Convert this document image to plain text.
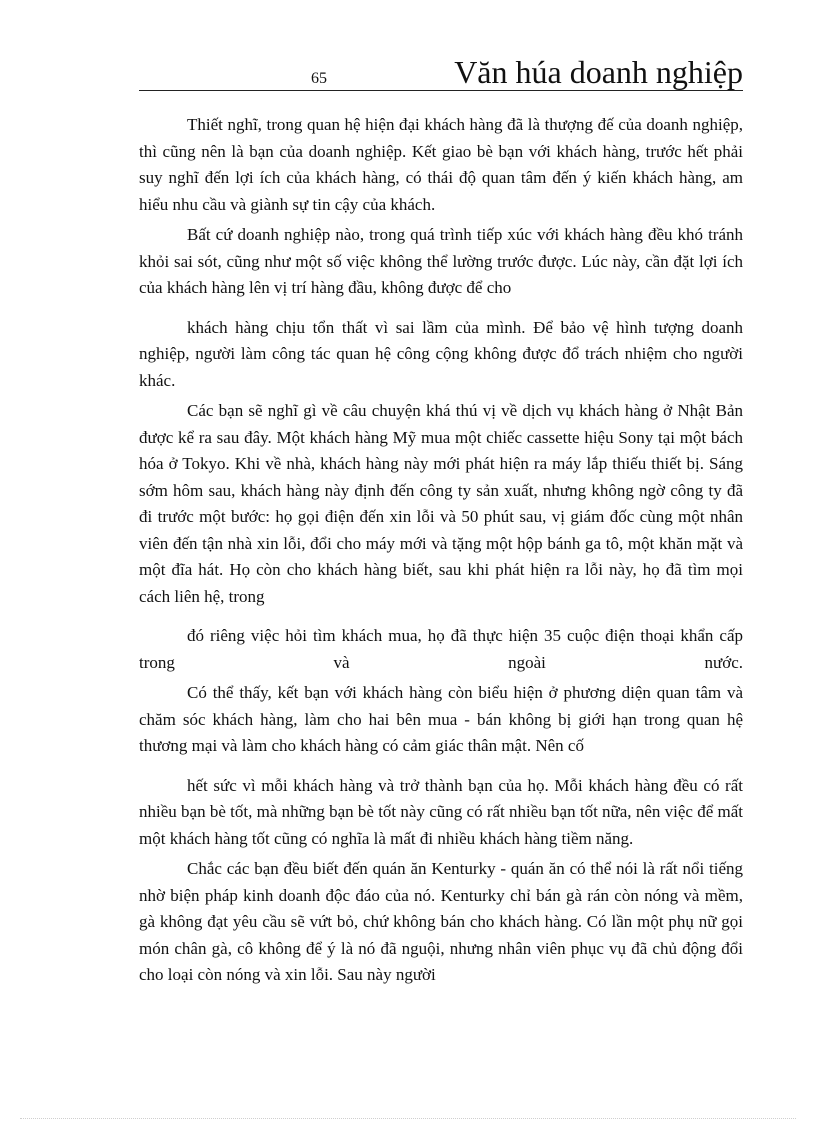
65	Văn húa doanh nghiệp

Thiết nghĩ, trong quan hệ hiện đại khách hàng đã là thượng đế của doanh nghiệp, thì cũng nên là bạn của doanh nghiệp. Kết giao bè bạn với khách hàng, trước hết phải suy nghĩ đến lợi ích của khách hàng, có thái độ quan tâm đến ý kiến khách hàng, am hiểu nhu cầu và giành sự tin cậy của khách.

Bất cứ doanh nghiệp nào, trong quá trình tiếp xúc với khách hàng đều khó tránh khỏi sai sót, cũng như một số việc không thể lường trước được. Lúc này, cần đặt lợi ích của khách hàng lên vị trí hàng đầu, không được để cho

khách hàng chịu tổn thất vì sai lầm của mình. Để bảo vệ hình tượng doanh nghiệp, người làm công tác quan hệ công cộng không được đổ trách nhiệm cho người khác.

Các bạn sẽ nghĩ gì về câu chuyện khá thú vị về dịch vụ khách hàng ở Nhật Bản được kể ra sau đây. Một khách hàng Mỹ mua một chiếc cassette hiệu Sony tại một bách hóa ở Tokyo. Khi về nhà, khách hàng này mới phát hiện ra máy lắp thiếu thiết bị. Sáng sớm hôm sau, khách hàng này định đến công ty sản xuất, nhưng không ngờ công ty đã đi trước một bước: họ gọi điện đến xin lỗi và 50 phút sau, vị giám đốc cùng một nhân viên đến tận nhà xin lỗi, đổi cho máy mới và tặng một hộp bánh ga tô, một khăn mặt và một đĩa hát. Họ còn cho khách hàng biết, sau khi phát hiện ra lỗi này, họ đã tìm mọi cách liên hệ, trong

đó riêng việc hỏi tìm khách mua, họ đã thực hiện 35 cuộc điện thoại khẩn cấp trong và ngoài nước.

Có thể thấy, kết bạn với khách hàng còn biểu hiện ở phương diện quan tâm và chăm sóc khách hàng, làm cho hai bên mua - bán không bị giới hạn trong quan hệ thương mại và làm cho khách hàng có cảm giác thân mật. Nên cố

hết sức vì mỗi khách hàng và trở thành bạn của họ. Mỗi khách hàng đều có rất nhiều bạn bè tốt, mà những bạn bè tốt này cũng có rất nhiều bạn tốt nữa, nên việc để mất một khách hàng tốt cũng có nghĩa là mất đi nhiều khách hàng tiềm năng.

Chắc các bạn đều biết đến quán ăn Kenturky - quán ăn có thể nói là rất nổi tiếng nhờ biện pháp kinh doanh độc đáo của nó. Kenturky chỉ bán gà rán còn nóng và mềm, gà không đạt yêu cầu sẽ vứt bỏ, chứ không bán cho khách hàng. Có lần một phụ nữ gọi món chân gà, cô không để ý là nó đã nguội, nhưng nhân viên phục vụ đã chủ động đổi cho loại còn nóng và xin lỗi. Sau này người
